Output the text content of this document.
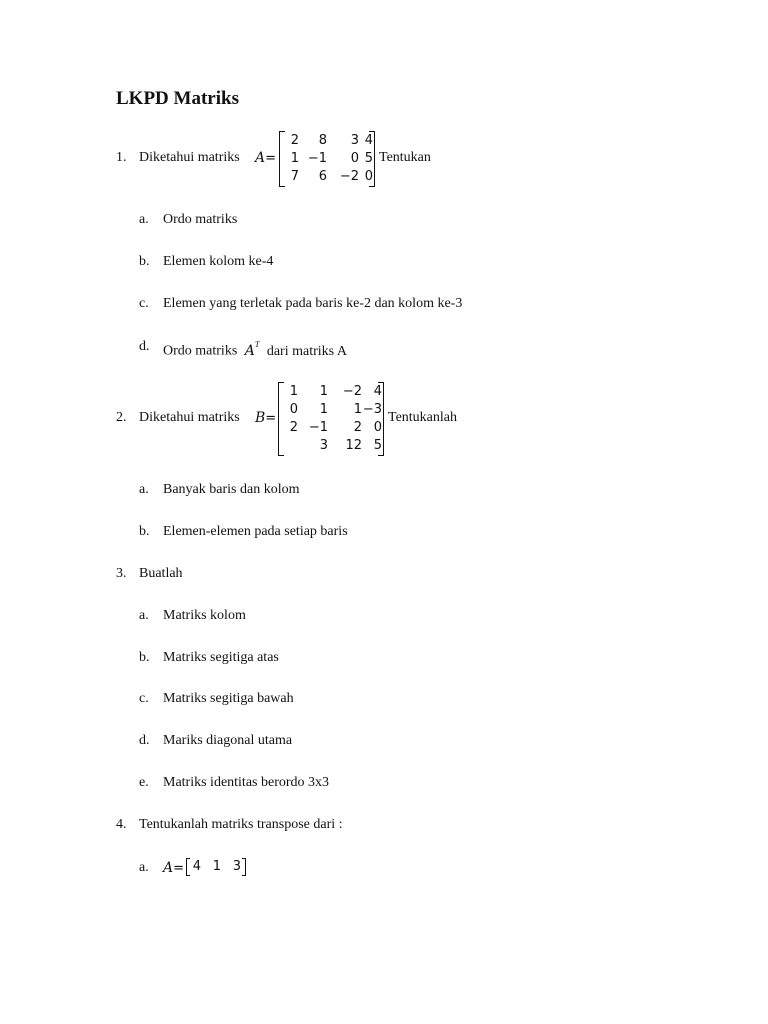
LKPD Matriks
1. Diketahui matriks A=
2	8	3	4
1	−1	0	5
7	6	−2	0
Tentukan
a. Ordo matriks
b. Elemen kolom ke-4
c. Elemen yang terletak pada baris ke-2 dan kolom ke-3
d. Ordo matriks $A^T$ dari matriks A
2. Diketahui matriks B=
1	1	−2	4
0	1	1	−3
2	−1	2	0
	3	12	5
Tentukanlah
a. Banyak baris dan kolom
b. Elemen-elemen pada setiap baris
3. Buatlah
a. Matriks kolom
b. Matriks segitiga atas
c. Matriks segitiga bawah
d. Mariks diagonal utama
e. Matriks identitas berordo 3x3
4. Tentukanlah matriks transpose dari :
a. A= 4	1	3
